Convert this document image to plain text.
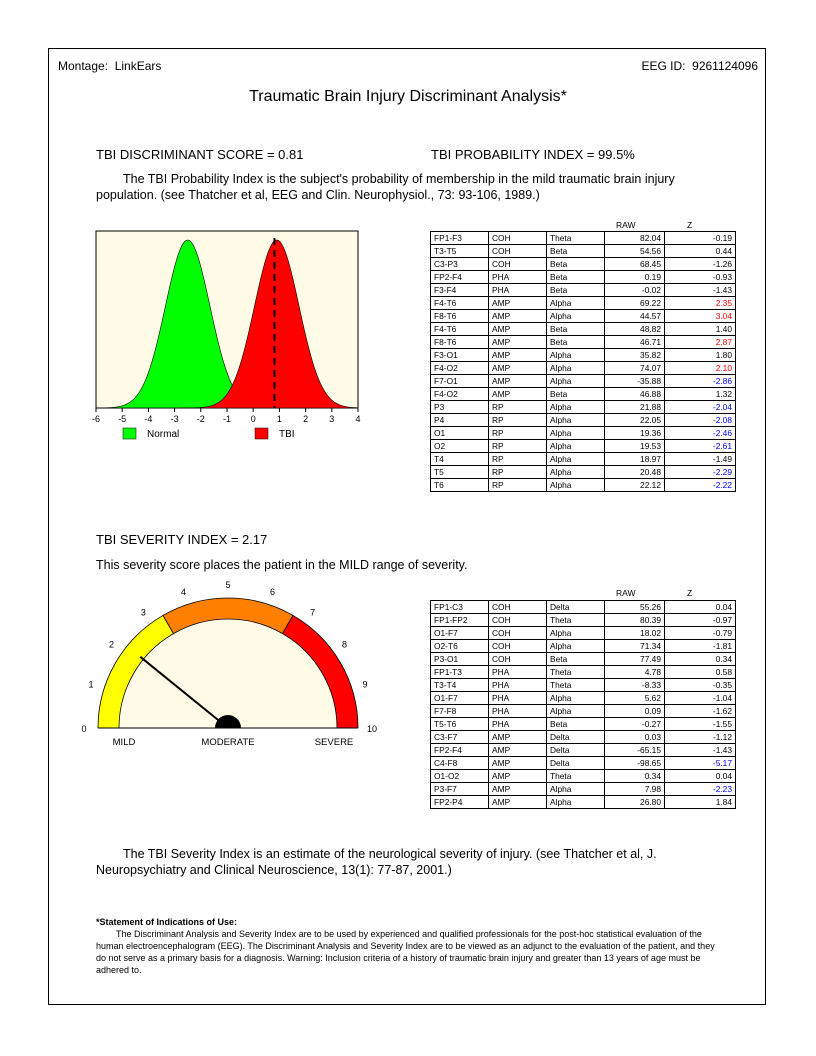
Montage: LinkEars	EEG ID: 9261124096
Traumatic Brain Injury Discriminant Analysis*
TBI DISCRIMINANT SCORE = 0.81	TBI PROBABILITY INDEX = 99.5%
The TBI Probability Index is the subject's probability of membership in the mild traumatic brain injury population. (see Thatcher et al, EEG and Clin. Neurophysiol., 73: 93-106, 1989.)
-6 -5 -4 -3 -2 -1 0 1 2 3 4
Normal	TBI
RAW	Z
FP1-F3	COH	Theta	82.04	-0.19
T3-T5	COH	Beta	54.56	0.44
C3-P3	COH	Beta	68.45	-1.26
FP2-F4	PHA	Beta	0.19	-0.93
F3-F4	PHA	Beta	-0.02	-1.43
F4-T6	AMP	Alpha	69.22	2.35
F8-T6	AMP	Alpha	44.57	3.04
F4-T6	AMP	Beta	48.82	1.40
F8-T6	AMP	Beta	46.71	2.87
F3-O1	AMP	Alpha	35.82	1.80
F4-O2	AMP	Alpha	74.07	2.10
F7-O1	AMP	Alpha	-35.88	-2.86
F4-O2	AMP	Beta	46.88	1.32
P3	RP	Alpha	21.88	-2.04
P4	RP	Alpha	22.05	-2.08
O1	RP	Alpha	19.36	-2.46
O2	RP	Alpha	19.53	-2.61
T4	RP	Alpha	18.97	-1.49
T5	RP	Alpha	20.48	-2.29
T6	RP	Alpha	22.12	-2.22
TBI SEVERITY INDEX = 2.17
This severity score places the patient in the MILD range of severity.
0
1
2
3
4
5
6
7
8
9
10
MILD	MODERATE	SEVERE
RAW	Z
FP1-C3	COH	Delta	55.26	0.04
FP1-FP2	COH	Theta	80.39	-0.97
O1-F7	COH	Alpha	18.02	-0.79
O2-T6	COH	Alpha	71.34	-1.81
P3-O1	COH	Beta	77.49	0.34
FP1-T3	PHA	Theta	4.78	0.58
T3-T4	PHA	Theta	-8.33	-0.35
O1-F7	PHA	Alpha	5.62	-1.04
F7-F8	PHA	Alpha	0.09	-1.62
T5-T6	PHA	Beta	-0.27	-1.55
C3-F7	AMP	Delta	0.03	-1.12
FP2-F4	AMP	Delta	-65.15	-1.43
C4-F8	AMP	Delta	-98.65	-5.17
O1-O2	AMP	Theta	0.34	0.04
P3-F7	AMP	Alpha	7.98	-2.23
FP2-P4	AMP	Alpha	26.80	1.84
The TBI Severity Index is an estimate of the neurological severity of injury. (see Thatcher et al, J. Neuropsychiatry and Clinical Neuroscience, 13(1): 77-87, 2001.)
*Statement of Indications of Use:
The Discriminant Analysis and Severity Index are to be used by experienced and qualified professionals for the post-hoc statistical evaluation of the human electroencephalogram (EEG). The Discriminant Analysis and Severity Index are to be viewed as an adjunct to the evaluation of the patient, and they do not serve as a primary basis for a diagnosis. Warning: Inclusion criteria of a history of traumatic brain injury and greater than 13 years of age must be adhered to.
